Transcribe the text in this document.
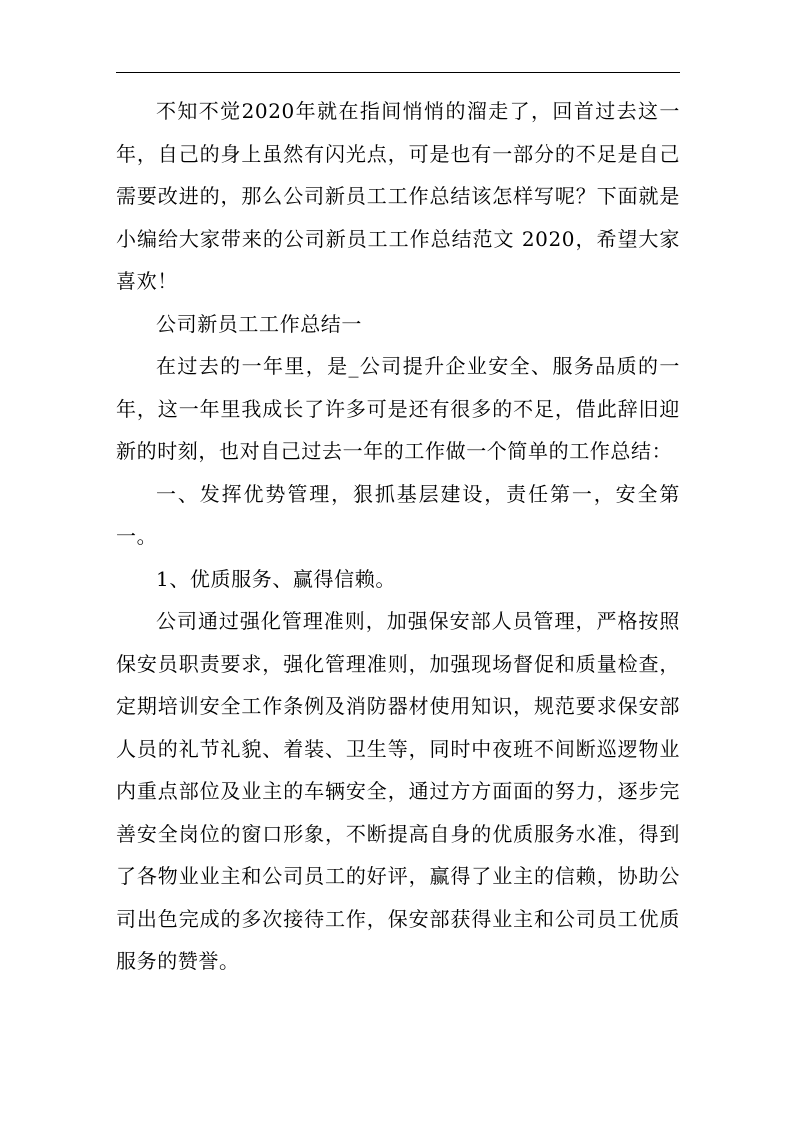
不知不觉2020年就在指间悄悄的溜走了，回首过去这一年，自己的身上虽然有闪光点，可是也有一部分的不足是自己需要改进的，那么公司新员工工作总结该怎样写呢？下面就是小编给大家带来的公司新员工工作总结范文 2020，希望大家喜欢！

公司新员工工作总结一

在过去的一年里，是_公司提升企业安全、服务品质的一年，这一年里我成长了许多可是还有很多的不足，借此辞旧迎新的时刻，也对自己过去一年的工作做一个简单的工作总结：

一、发挥优势管理，狠抓基层建设，责任第一，安全第一。

1、优质服务、赢得信赖。

公司通过强化管理准则，加强保安部人员管理，严格按照保安员职责要求，强化管理准则，加强现场督促和质量检查，定期培训安全工作条例及消防器材使用知识，规范要求保安部人员的礼节礼貌、着装、卫生等，同时中夜班不间断巡逻物业内重点部位及业主的车辆安全，通过方方面面的努力，逐步完善安全岗位的窗口形象，不断提高自身的优质服务水准，得到了各物业业主和公司员工的好评，赢得了业主的信赖，协助公司出色完成的多次接待工作，保安部获得业主和公司员工优质服务的赞誉。
